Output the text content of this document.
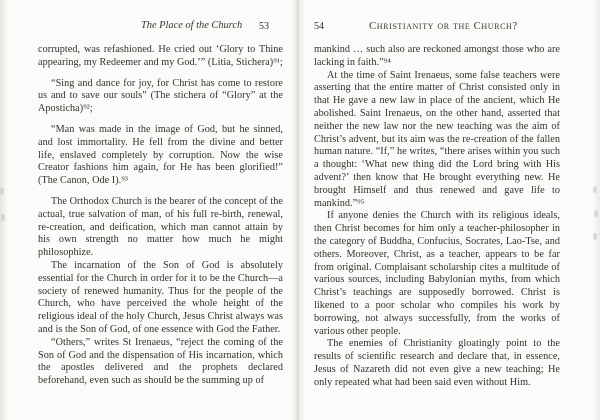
The Place of the Church 53

corrupted, was refashioned. He cried out ‘Glory to Thine appearing, my Redeemer and my God.’” (Litia, Stichera)⁹¹;

“Sing and dance for joy, for Christ has come to restore us and to save our souls” (The stichera of “Glory” at the Aposticha)⁹²;

“Man was made in the image of God, but he sinned, and lost immortality. He fell from the divine and better life, enslaved completely by corruption. Now the wise Creator fashions him again, for He has been glorified!” (The Canon, Ode I).⁹³

The Orthodox Church is the bearer of the concept of the actual, true salvation of man, of his full re-birth, renewal, re-creation, and deification, which man cannot attain by his own strength no matter how much he might philosophize.

The incarnation of the Son of God is absolutely essential for the Church in order for it to be the Church—a society of renewed humanity. Thus for the people of the Church, who have perceived the whole height of the religious ideal of the holy Church, Jesus Christ always was and is the Son of God, of one essence with God the Father.

“Others,” writes St Irenaeus, “reject the coming of the Son of God and the dispensation of His incarnation, which the apostles delivered and the prophets declared beforehand, even such as should be the summing up of

54	Christianity or the Church?

mankind … such also are reckoned amongst those who are lacking in faith.”⁹⁴

At the time of Saint Irenaeus, some false teachers were asserting that the entire matter of Christ consisted only in that He gave a new law in place of the ancient, which He abolished. Saint Irenaeus, on the other hand, asserted that neither the new law nor the new teaching was the aim of Christ’s advent, but its aim was the re-creation of the fallen human nature. “If,” he writes, “there arises within you such a thought: ‘What new thing did the Lord bring with His advent?’ then know that He brought everything new. He brought Himself and thus renewed and gave life to mankind.”⁹⁵

If anyone denies the Church with its religious ideals, then Christ becomes for him only a teacher-philosopher in the category of Buddha, Confucius, Socrates, Lao-Tse, and others. Moreover, Christ, as a teacher, appears to be far from original. Complaisant scholarship cites a multitude of various sources, including Babylonian myths, from which Christ’s teachings are supposedly borrowed. Christ is likened to a poor scholar who compiles his work by borrowing, not always successfully, from the works of various other people.

The enemies of Christianity gloatingly point to the results of scientific research and declare that, in essence, Jesus of Nazareth did not even give a new teaching; He only repeated what had been said even without Him.
